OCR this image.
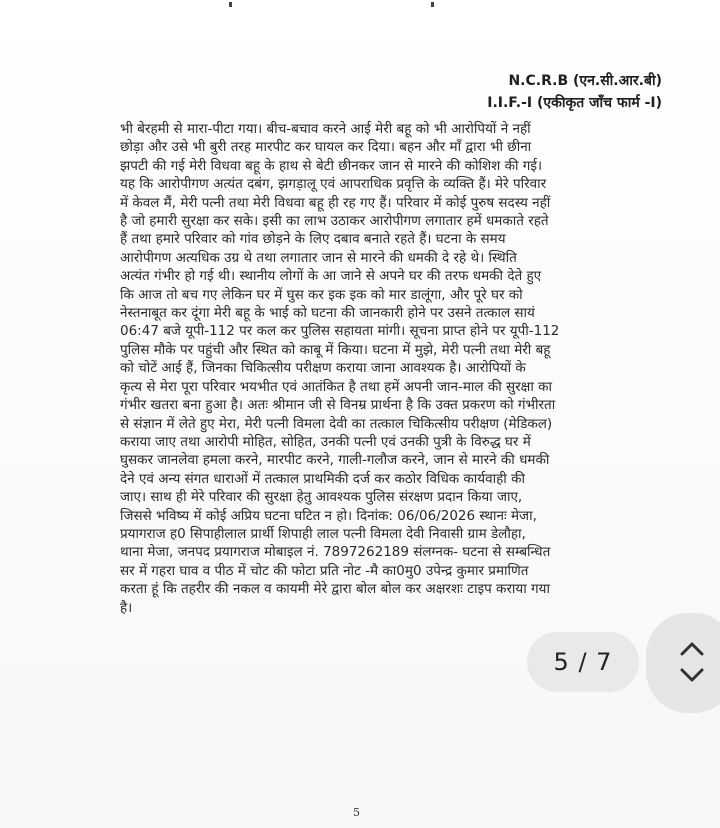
N.C.R.B (एन.सी.आर.बी)
I.I.F.-I (एकीकृत जाँच फार्म -I)
भी बेरहमी से मारा-पीटा गया। बीच-बचाव करने आई मेरी बहू को भी आरोपियों ने नहीं
छोड़ा और उसे भी बुरी तरह मारपीट कर घायल कर दिया। बहन और माँ द्वारा भी छीना
झपटी की गई मेरी विधवा बहू के हाथ से बेटी छीनकर जान से मारने की कोशिश की गई।
यह कि आरोपीगण अत्यंत दबंग, झगड़ालू एवं आपराधिक प्रवृत्ति के व्यक्ति हैं। मेरे परिवार
में केवल मैं, मेरी पत्नी तथा मेरी विधवा बहू ही रह गए हैं। परिवार में कोई पुरुष सदस्य नहीं
है जो हमारी सुरक्षा कर सके। इसी का लाभ उठाकर आरोपीगण लगातार हमें धमकाते रहते
हैं तथा हमारे परिवार को गांव छोड़ने के लिए दबाव बनाते रहते हैं। घटना के समय
आरोपीगण अत्यधिक उग्र थे तथा लगातार जान से मारने की धमकी दे रहे थे। स्थिति
अत्यंत गंभीर हो गई थी। स्थानीय लोगों के आ जाने से अपने घर की तरफ धमकी देते हुए
कि आज तो बच गए लेकिन घर में घुस कर इक इक को मार डालूंगा, और पूरे घर को
नेस्तनाबूत कर दूंगा मेरी बहू के भाई को घटना की जानकारी होने पर उसने तत्काल सायं
06:47 बजे यूपी-112 पर कल कर पुलिस सहायता मांगी। सूचना प्राप्त होने पर यूपी-112
पुलिस मौके पर पहुंची और स्थित को काबू में किया। घटना में मुझे, मेरी पत्नी तथा मेरी बहू
को चोटें आई हैं, जिनका चिकित्सीय परीक्षण कराया जाना आवश्यक है। आरोपियों के
कृत्य से मेरा पूरा परिवार भयभीत एवं आतंकित है तथा हमें अपनी जान-माल की सुरक्षा का
गंभीर खतरा बना हुआ है। अतः श्रीमान जी से विनम्र प्रार्थना है कि उक्त प्रकरण को गंभीरता
से संज्ञान में लेते हुए मेरा, मेरी पत्नी विमला देवी का तत्काल चिकित्सीय परीक्षण (मेडिकल)
कराया जाए तथा आरोपी मोहित, सोहित, उनकी पत्नी एवं उनकी पुत्री के विरुद्ध घर में
घुसकर जानलेवा हमला करने, मारपीट करने, गाली-गलौज करने, जान से मारने की धमकी
देने एवं अन्य संगत धाराओं में तत्काल प्राथमिकी दर्ज कर कठोर विधिक कार्यवाही की
जाए। साथ ही मेरे परिवार की सुरक्षा हेतु आवश्यक पुलिस संरक्षण प्रदान किया जाए,
जिससे भविष्य में कोई अप्रिय घटना घटित न हो। दिनांक: 06/06/2026 स्थानः मेजा,
प्रयागराज ह0 सिपाहीलाल प्रार्थी शिपाही लाल पत्नी विमला देवी निवासी ग्राम डेलौहा,
थाना मेजा, जनपद प्रयागराज मोबाइल नं. 7897262189 संलग्नक- घटना से सम्बन्धित
सर में गहरा घाव व पीठ में चोट की फोटा प्रति नोट -मै का0मु0 उपेन्द्र कुमार प्रमाणित
करता हूं कि तहरीर की नकल व कायमी मेरे द्वारा बोल बोल कर अक्षरशः टाइप कराया गया
है।
5
5 / 7
